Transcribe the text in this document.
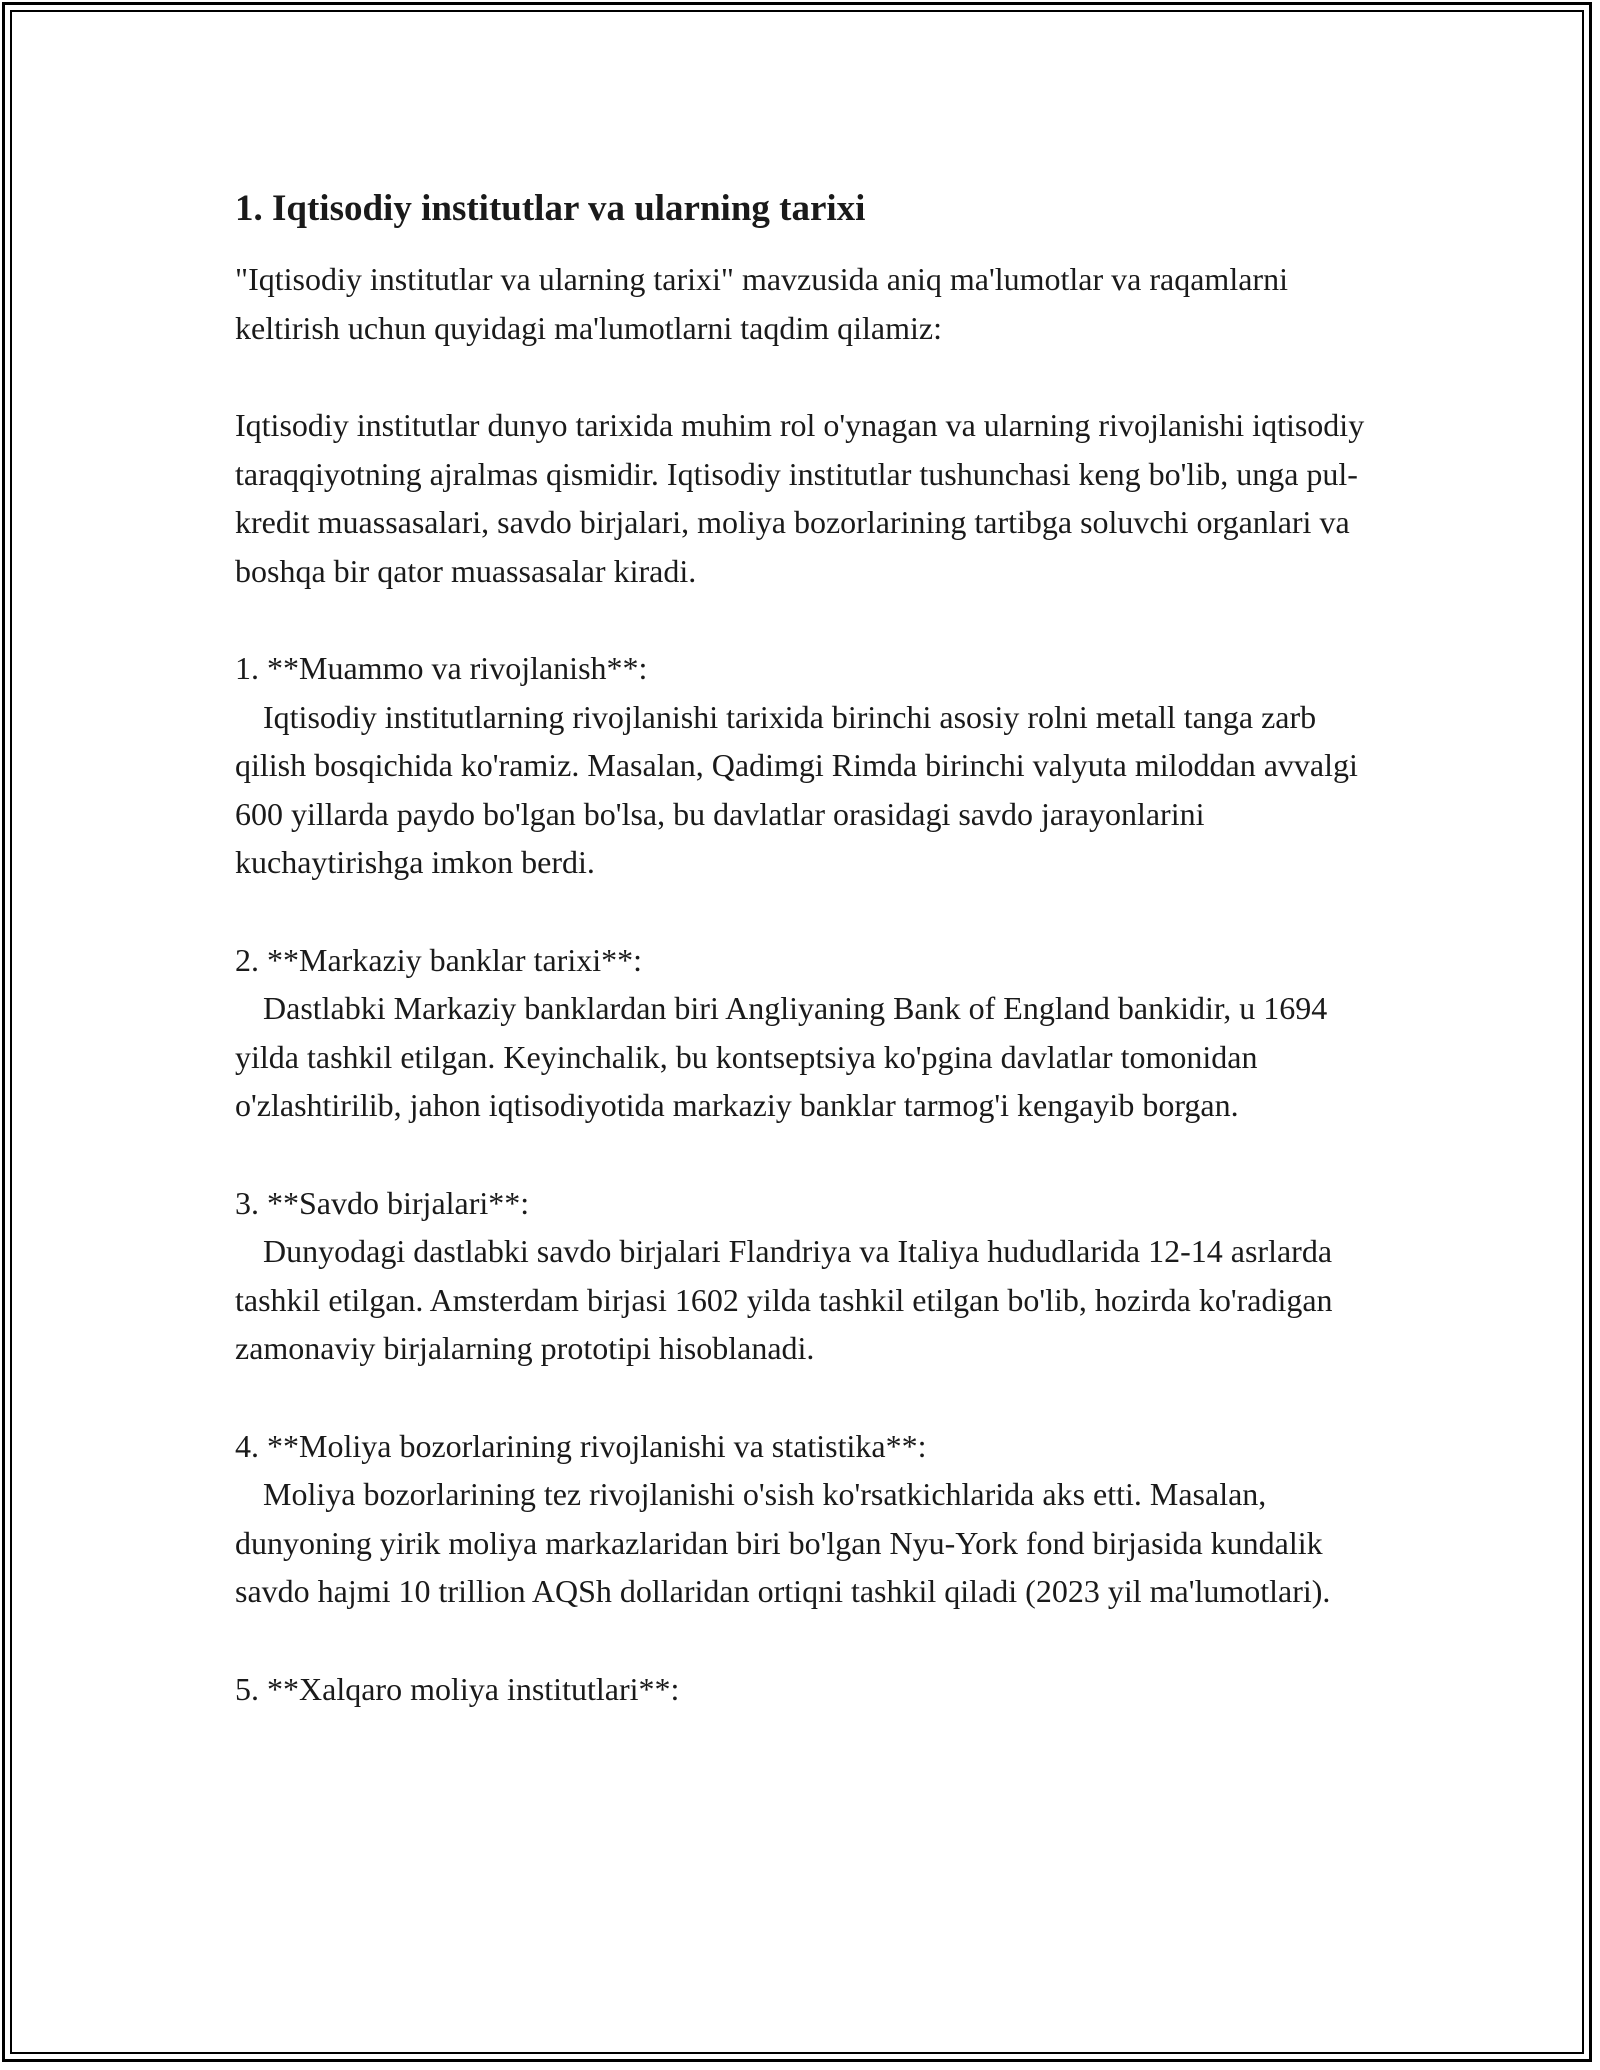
1. Iqtisodiy institutlar va ularning tarixi

"Iqtisodiy institutlar va ularning tarixi" mavzusida aniq ma'lumotlar va raqamlarni keltirish uchun quyidagi ma'lumotlarni taqdim qilamiz:

Iqtisodiy institutlar dunyo tarixida muhim rol o'ynagan va ularning rivojlanishi iqtisodiy taraqqiyotning ajralmas qismidir. Iqtisodiy institutlar tushunchasi keng bo'lib, unga pul-kredit muassasalari, savdo birjalari, moliya bozorlarining tartibga soluvchi organlari va boshqa bir qator muassasalar kiradi.

1. **Muammo va rivojlanish**:

Iqtisodiy institutlarning rivojlanishi tarixida birinchi asosiy rolni metall tanga zarb qilish bosqichida ko'ramiz. Masalan, Qadimgi Rimda birinchi valyuta miloddan avvalgi 600 yillarda paydo bo'lgan bo'lsa, bu davlatlar orasidagi savdo jarayonlarini kuchaytirishga imkon berdi.

2. **Markaziy banklar tarixi**:

Dastlabki Markaziy banklardan biri Angliyaning Bank of England bankidir, u 1694 yilda tashkil etilgan. Keyinchalik, bu kontseptsiya ko'pgina davlatlar tomonidan o'zlashtirilib, jahon iqtisodiyotida markaziy banklar tarmog'i kengayib borgan.

3. **Savdo birjalari**:

Dunyodagi dastlabki savdo birjalari Flandriya va Italiya hududlarida 12-14 asrlarda tashkil etilgan. Amsterdam birjasi 1602 yilda tashkil etilgan bo'lib, hozirda ko'radigan zamonaviy birjalarning prototipi hisoblanadi.

4. **Moliya bozorlarining rivojlanishi va statistika**:

Moliya bozorlarining tez rivojlanishi o'sish ko'rsatkichlarida aks etti. Masalan, dunyoning yirik moliya markazlaridan biri bo'lgan Nyu-York fond birjasida kundalik savdo hajmi 10 trillion AQSh dollaridan ortiqni tashkil qiladi (2023 yil ma'lumotlari).

5. **Xalqaro moliya institutlari**:
